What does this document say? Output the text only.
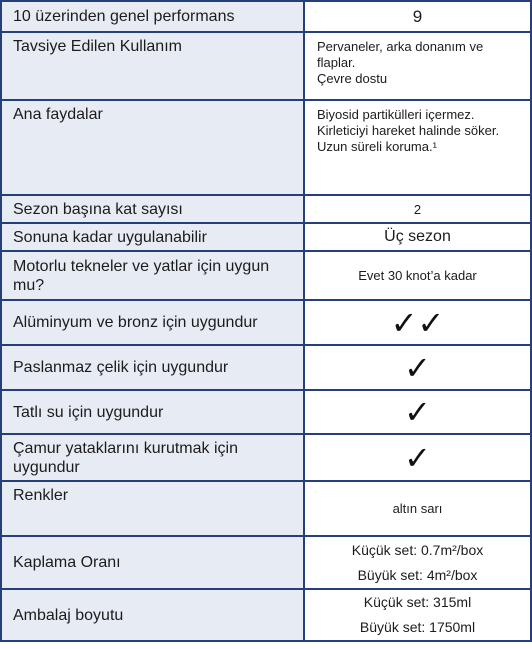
10 üzerinden genel performans	9
Tavsiye Edilen Kullanım	Pervaneler, arka donanım ve
flaplar.
Çevre dostu

Ana faydalar	Biyosid partikülleri içermez.
Kirleticiyi hareket halinde söker.
Uzun süreli koruma.¹

Sezon başına kat sayısı	2
Sonuna kadar uygulanabilir	Üç sezon
Motorlu tekneler ve yatlar için uygun mu?	Evet 30 knot’a kadar
Alüminyum ve bronz için uygundur	✓✓
Paslanmaz çelik için uygundur	✓
Tatlı su için uygundur	✓
Çamur yataklarını kurutmak için uygundur	✓
Renkler	altın sarı
Kaplama Oranı	Küçük set: 0.7m²/box
Büyük set: 4m²/box

Ambalaj boyutu	Küçük set: 315ml
Büyük set: 1750ml
